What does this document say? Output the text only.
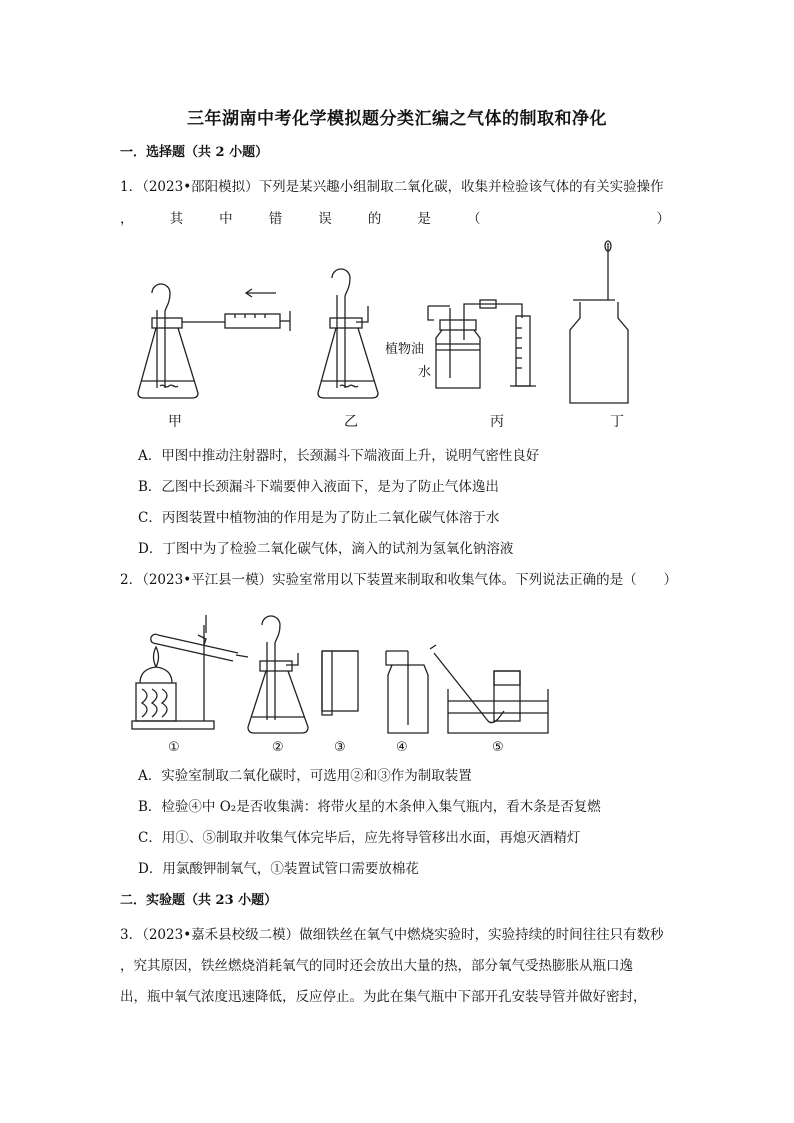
三年湖南中考化学模拟题分类汇编之气体的制取和净化
一．选择题（共 2 小题）
1．（2023•邵阳模拟）下列是某兴趣小组制取二氧化碳，收集并检验该气体的有关实验操作
，	其	中	错	误	的	是	（	）
植物油
水
甲	乙	丙	丁
A．甲图中推动注射器时，长颈漏斗下端液面上升，说明气密性良好
B．乙图中长颈漏斗下端要伸入液面下，是为了防止气体逸出
C．丙图装置中植物油的作用是为了防止二氧化碳气体溶于水
D．丁图中为了检验二氧化碳气体，滴入的试剂为氢氧化钠溶液
2．（2023•平江县一模）实验室常用以下装置来制取和收集气体。下列说法正确的是（　　）
①	②	③	④	⑤
A．实验室制取二氧化碳时，可选用②和③作为制取装置
B．检验④中 O₂是否收集满：将带火星的木条伸入集气瓶内，看木条是否复燃
C．用①、⑤制取并收集气体完毕后，应先将导管移出水面，再熄灭酒精灯
D．用氯酸钾制氧气，①装置试管口需要放棉花
二．实验题（共 23 小题）
3．（2023•嘉禾县校级二模）做细铁丝在氧气中燃烧实验时，实验持续的时间往往只有数秒
，究其原因，铁丝燃烧消耗氧气的同时还会放出大量的热，部分氧气受热膨胀从瓶口逸
出，瓶中氧气浓度迅速降低，反应停止。为此在集气瓶中下部开孔安装导管并做好密封，
